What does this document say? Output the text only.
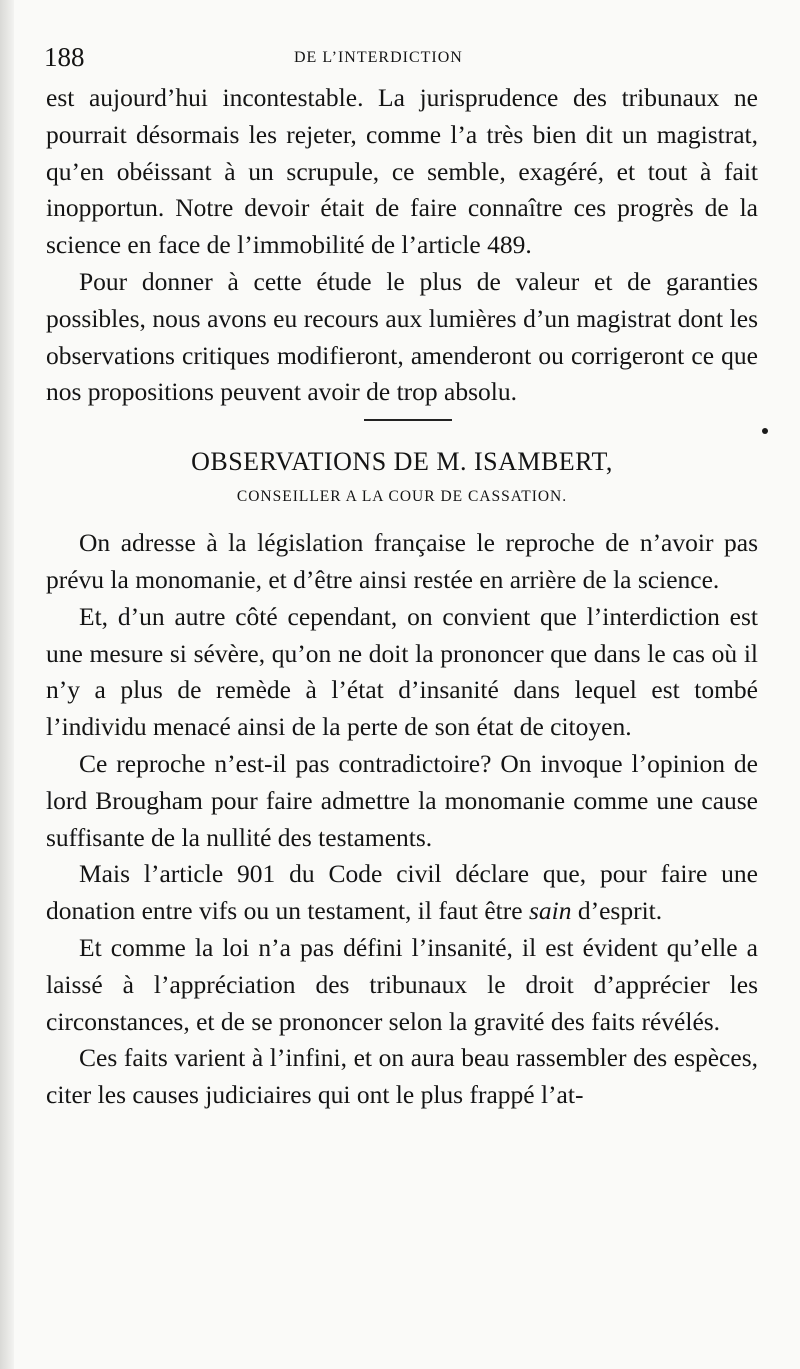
188	DE L’INTERDICTION

est aujourd’hui incontestable. La jurisprudence des tribunaux ne pourrait désormais les rejeter, comme l’a très bien dit un magistrat, qu’en obéissant à un scrupule, ce semble, exagéré, et tout à fait inopportun. Notre devoir était de faire connaître ces progrès de la science en face de l’immobilité de l’article 489.

Pour donner à cette étude le plus de valeur et de garanties possibles, nous avons eu recours aux lumières d’un magistrat dont les observations critiques modifieront, amenderont ou corrigeront ce que nos propositions peuvent avoir de trop absolu.

OBSERVATIONS DE M. ISAMBERT,

CONSEILLER A LA COUR DE CASSATION.

On adresse à la législation française le reproche de n’avoir pas prévu la monomanie, et d’être ainsi restée en arrière de la science.

Et, d’un autre côté cependant, on convient que l’interdiction est une mesure si sévère, qu’on ne doit la prononcer que dans le cas où il n’y a plus de remède à l’état d’insanité dans lequel est tombé l’individu menacé ainsi de la perte de son état de citoyen.

Ce reproche n’est-il pas contradictoire? On invoque l’opinion de lord Brougham pour faire admettre la monomanie comme une cause suffisante de la nullité des testaments.

Mais l’article 901 du Code civil déclare que, pour faire une donation entre vifs ou un testament, il faut être sain d’esprit.

Et comme la loi n’a pas défini l’insanité, il est évident qu’elle a laissé à l’appréciation des tribunaux le droit d’apprécier les circonstances, et de se prononcer selon la gravité des faits révélés.

Ces faits varient à l’infini, et on aura beau rassembler des espèces, citer les causes judiciaires qui ont le plus frappé l’at-
